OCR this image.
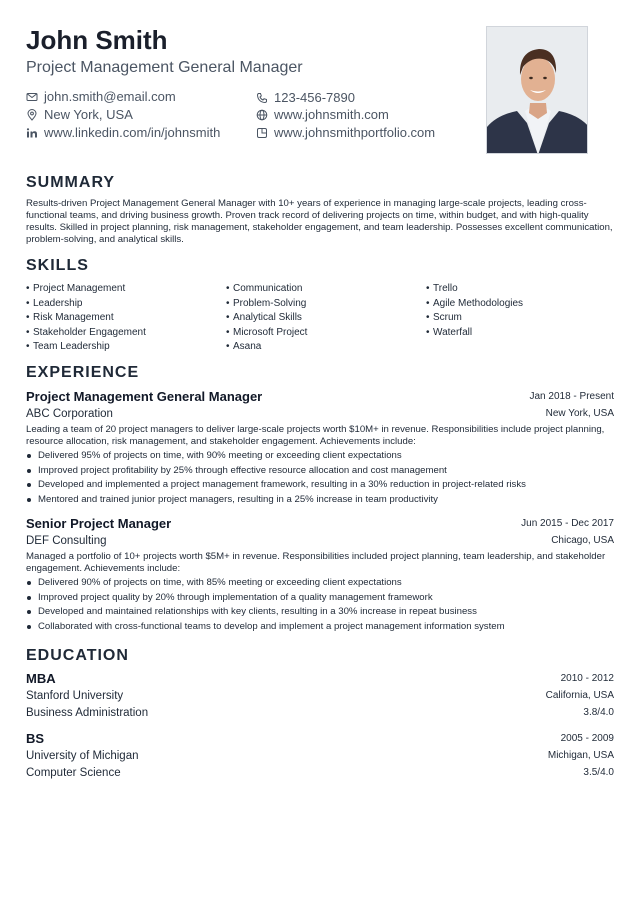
John Smith
Project Management General Manager
john.smith@email.com	123-456-7890
New York, USA	www.johnsmith.com
www.linkedin.com/in/johnsmith	www.johnsmithportfolio.com
SUMMARY
Results-driven Project Management General Manager with 10+ years of experience in managing large-scale projects, leading cross-functional teams, and driving business growth. Proven track record of delivering projects on time, within budget, and with high-quality results. Skilled in project planning, risk management, stakeholder engagement, and team leadership. Possesses excellent communication, problem-solving, and analytical skills.
SKILLS
• Project Management
• Leadership
• Risk Management
• Stakeholder Engagement
• Team Leadership
• Communication
• Problem-Solving
• Analytical Skills
• Microsoft Project
• Asana
• Trello
• Agile Methodologies
• Scrum
• Waterfall
EXPERIENCE
Project Management General Manager	Jan 2018 - Present
ABC Corporation	New York, USA
Leading a team of 20 project managers to deliver large-scale projects worth $10M+ in revenue. Responsibilities include project planning, resource allocation, risk management, and stakeholder engagement. Achievements include:
Delivered 95% of projects on time, with 90% meeting or exceeding client expectations
Improved project profitability by 25% through effective resource allocation and cost management
Developed and implemented a project management framework, resulting in a 30% reduction in project-related risks
Mentored and trained junior project managers, resulting in a 25% increase in team productivity
Senior Project Manager	Jun 2015 - Dec 2017
DEF Consulting	Chicago, USA
Managed a portfolio of 10+ projects worth $5M+ in revenue. Responsibilities included project planning, team leadership, and stakeholder engagement. Achievements include:
Delivered 90% of projects on time, with 85% meeting or exceeding client expectations
Improved project quality by 20% through implementation of a quality management framework
Developed and maintained relationships with key clients, resulting in a 30% increase in repeat business
Collaborated with cross-functional teams to develop and implement a project management information system
EDUCATION
MBA	2010 - 2012
Stanford University	California, USA
Business Administration	3.8/4.0
BS	2005 - 2009
University of Michigan	Michigan, USA
Computer Science	3.5/4.0
